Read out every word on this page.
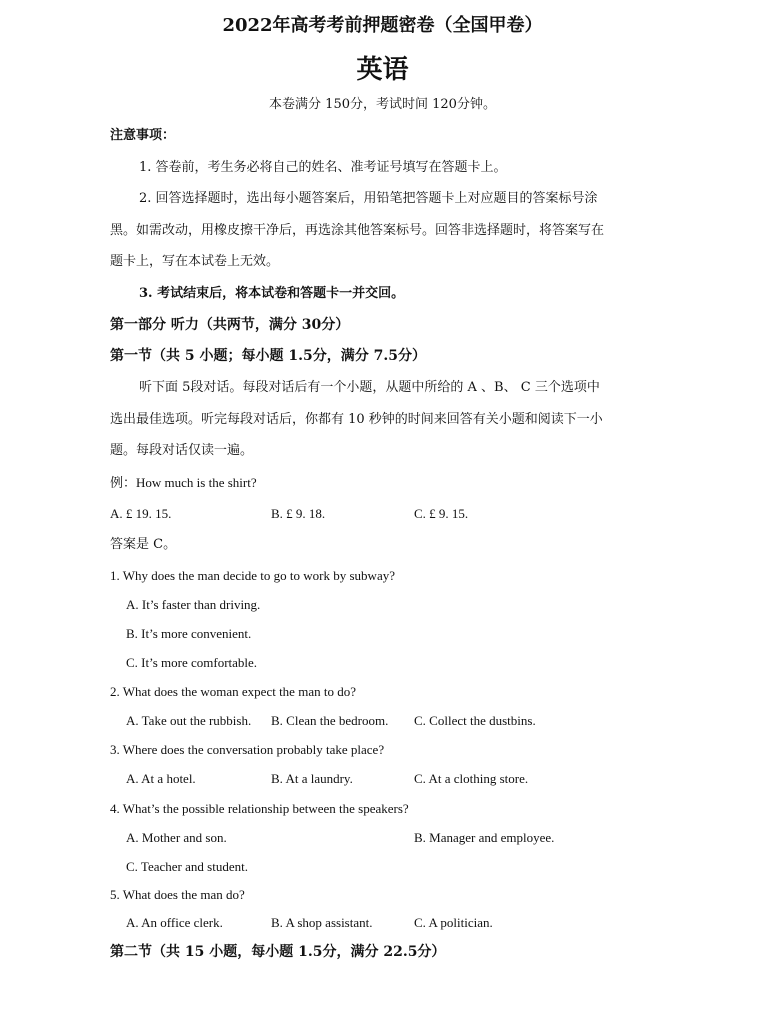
2022年高考考前押题密卷（全国甲卷）
英语
本卷满分 150分，考试时间 120分钟。
注意事项：
1. 答卷前，考生务必将自己的姓名、准考证号填写在答题卡上。
2. 回答选择题时，选出每小题答案后，用铅笔把答题卡上对应题目的答案标号涂
黑。如需改动，用橡皮擦干净后，再选涂其他答案标号。回答非选择题时，将答案写在
题卡上，写在本试卷上无效。
3. 考试结束后，将本试卷和答题卡一并交回。
第一部分 听力（共两节，满分 30分）
第一节（共 5 小题；每小题 1.5分，满分 7.5分）
听下面 5段对话。每段对话后有一个小题，从题中所给的 A 、B、 C 三个选项中
选出最佳选项。听完每段对话后，你都有 10 秒钟的时间来回答有关小题和阅读下一小
题。每段对话仅读一遍。
例：How much is the shirt?
A. £ 19. 15.	B. £ 9. 18.	C. £ 9. 15.
答案是 C。
1. Why does the man decide to go to work by subway?
A. It’s faster than driving.
B. It’s more convenient.
C. It’s more comfortable.
2. What does the woman expect the man to do?
A. Take out the rubbish. B. Clean the bedroom. C. Collect the dustbins.
3. Where does the conversation probably take place?
A. At a hotel.	B. At a laundry.	C. At a clothing store.
4. What’s the possible relationship between the speakers?
A. Mother and son.	B. Manager and employee.
C. Teacher and student.
5. What does the man do?
A. An office clerk.	B. A shop assistant.	C. A politician.
第二节（共 15 小题，每小题 1.5分，满分 22.5分）
